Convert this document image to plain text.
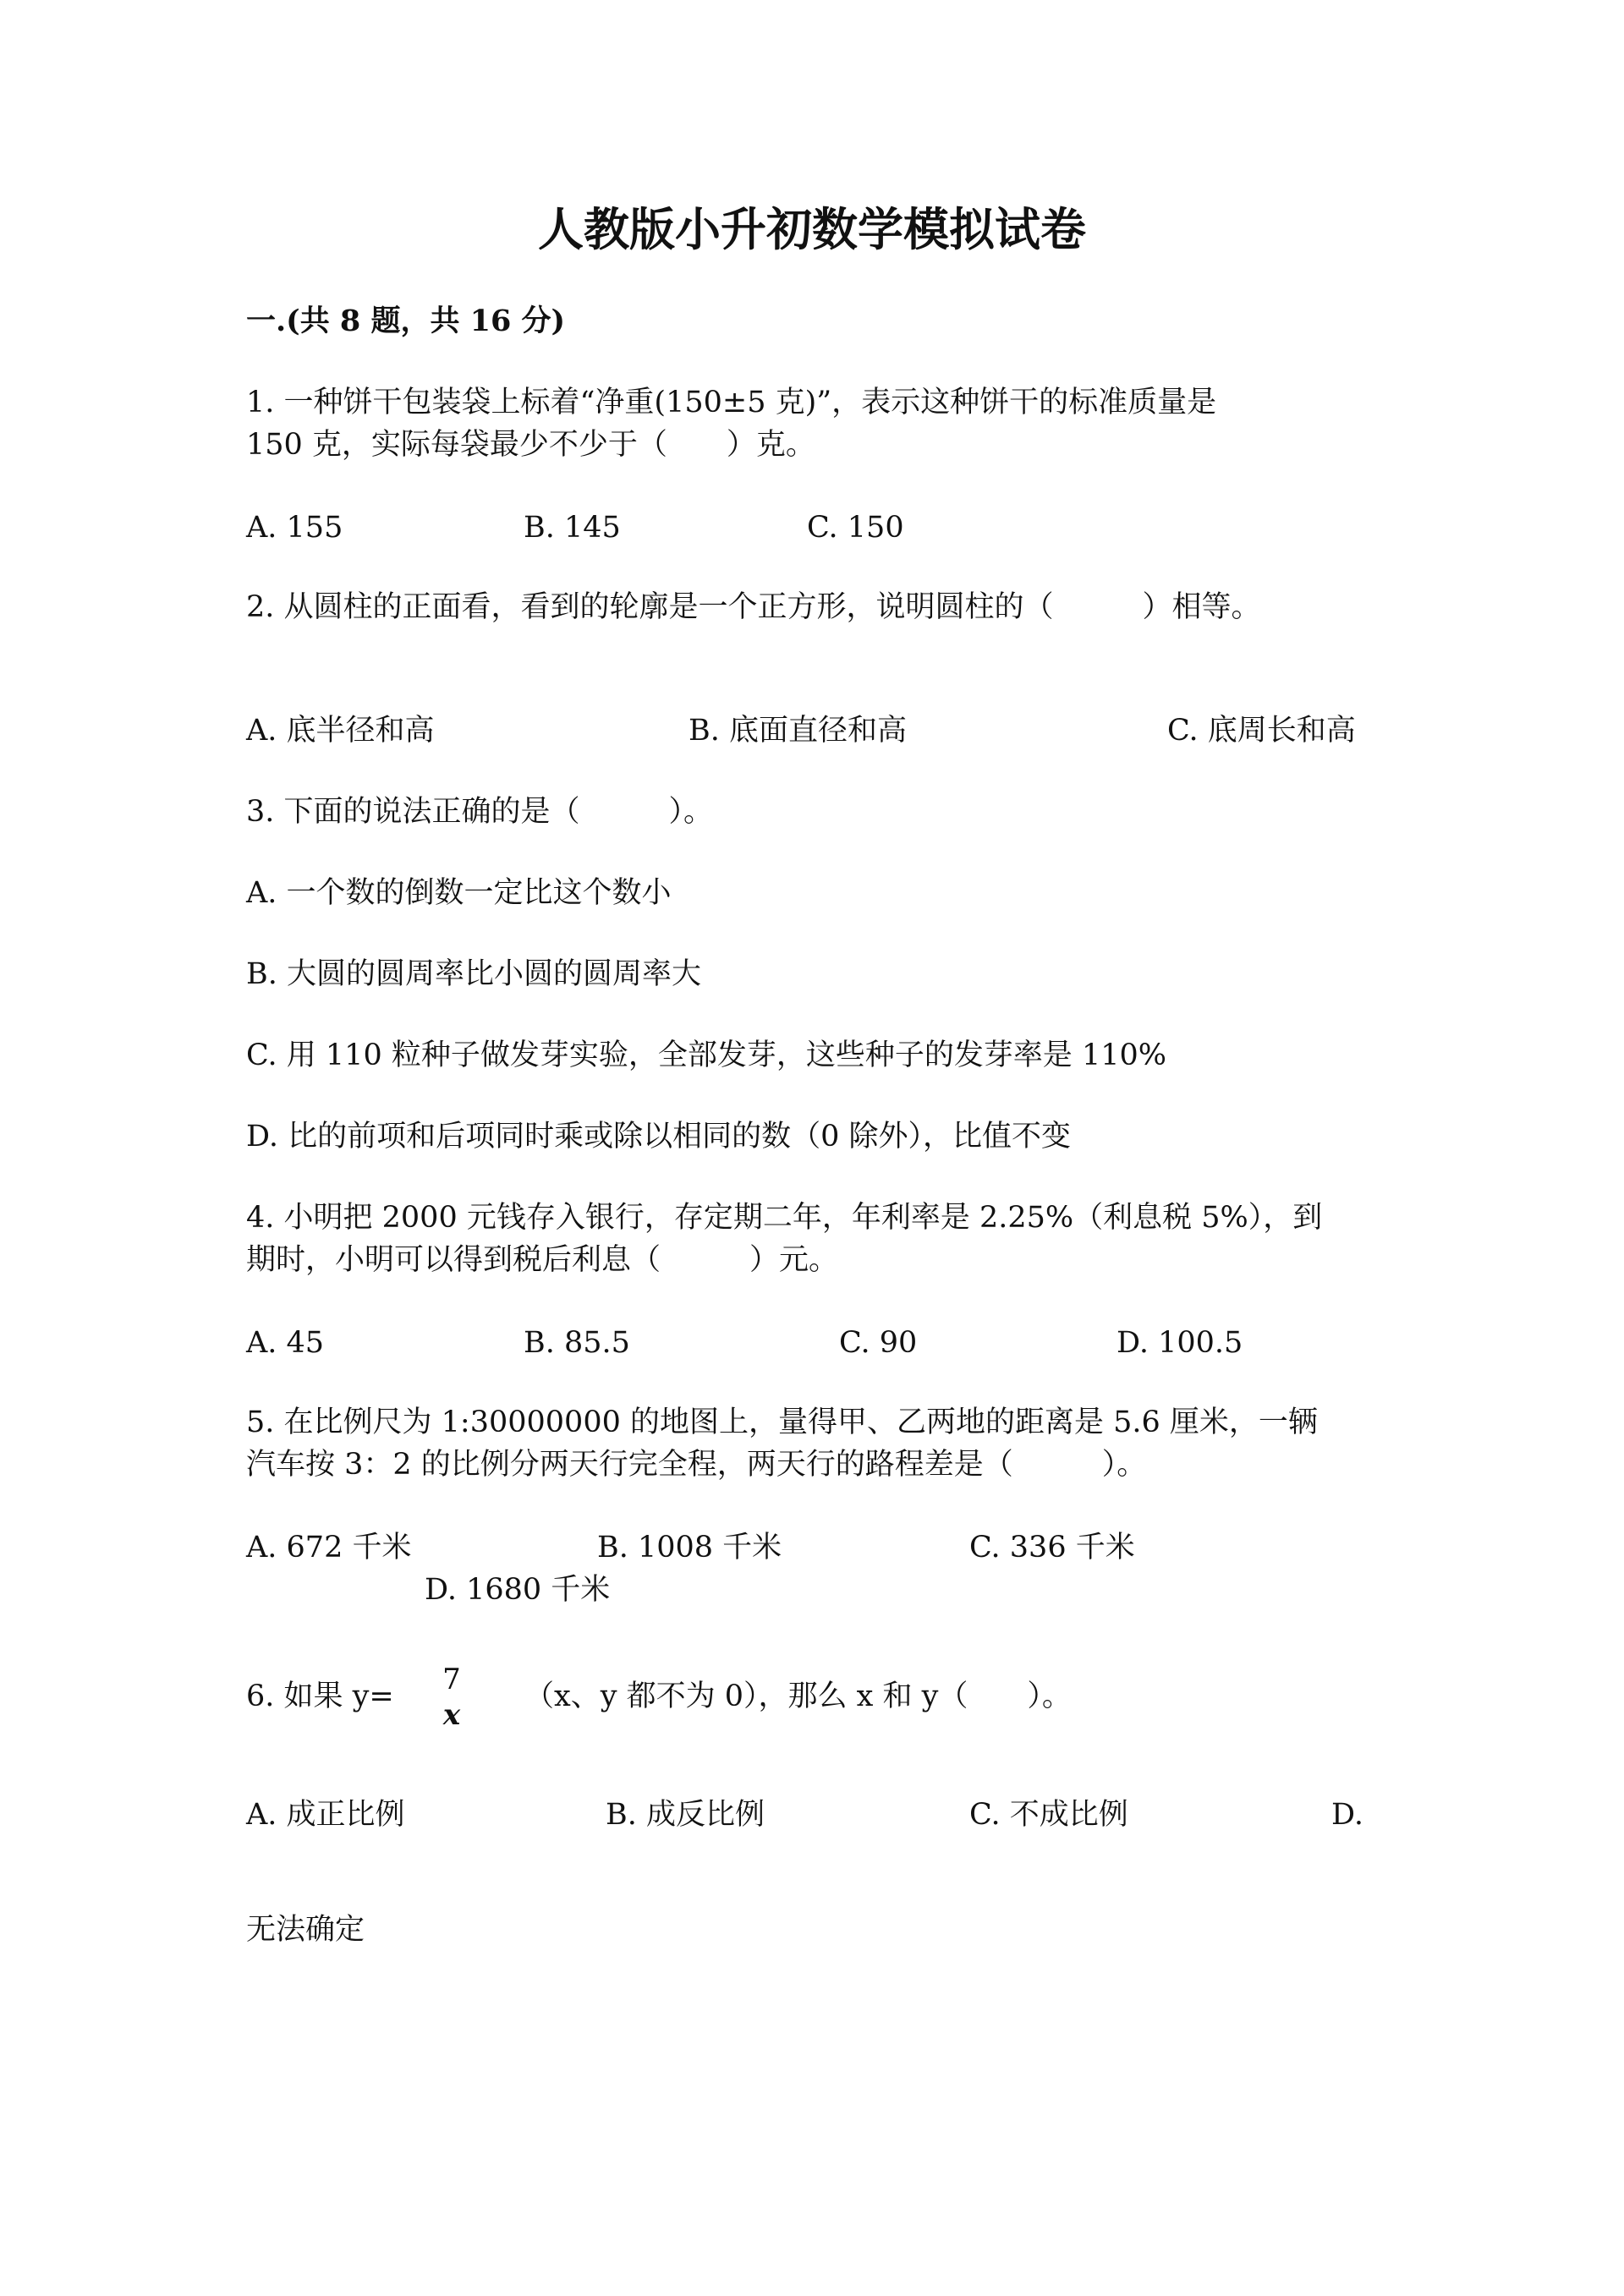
人教版小升初数学模拟试卷
一.(共 8 题，共 16 分)
1. 一种饼干包装袋上标着“净重(150±5 克)”，表示这种饼干的标准质量是
150 克，实际每袋最少不少于（　　）克。
A. 155	B. 145	C. 150
2. 从圆柱的正面看，看到的轮廓是一个正方形，说明圆柱的（　　　）相等。
A. 底半径和高	B. 底面直径和高	C. 底周长和高
3. 下面的说法正确的是（　　　）。
A. 一个数的倒数一定比这个数小
B. 大圆的圆周率比小圆的圆周率大
C. 用 110 粒种子做发芽实验，全部发芽，这些种子的发芽率是 110%
D. 比的前项和后项同时乘或除以相同的数（0 除外），比值不变
4. 小明把 2000 元钱存入银行，存定期二年，年利率是 2.25%（利息税 5%），到
期时，小明可以得到税后利息（　　　）元。
A. 45	B. 85.5	C. 90	D. 100.5
5. 在比例尺为 1:30000000 的地图上，量得甲、乙两地的距离是 5.6 厘米，一辆
汽车按 3：2 的比例分两天行完全程，两天行的路程差是（　　　）。
A. 672 千米	B. 1008 千米	C. 336 千米
D. 1680 千米
6. 如果 y= 7
x
（x、y 都不为 0），那么 x 和 y（　　）。
A. 成正比例	B. 成反比例	C. 不成比例	D.
无法确定
